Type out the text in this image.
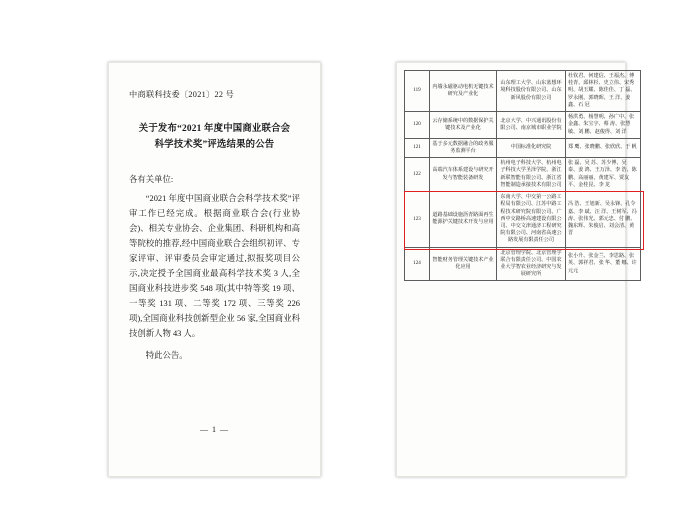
中商联科技委〔2021〕22 号
关于发布“2021 年度中国商业联合会
科学技术奖”评选结果的公告
各有关单位:
“2021 年度中国商业联合会科学技术奖”评审工作已经完成。根据商业联合会(行业协会)、相关专业协会、企业集团、科研机构和高等院校的推荐,经中国商业联合会组织初评、专家评审、评审委员会审定通过,拟报奖项目公示,决定授予全国商业最高科学技术奖 3 人,全国商业科技进步奖 548 项(其中特等奖 19 项、一等奖 131 项、二等奖 172 项、三等奖 226 项),全国商业科技创新型企业 56 家,全国商业科技创新人物 43 人。
特此公告。
— 1 —
119	内墙永磁驱动电机无键技术研究及产业化	山东理工大学、山东蓝想环境科技股份有限公司、山东新风股份有限公司	杜钦君、何建信、王福杰、傅桂青、邱林杉、史立伟、宋秀明、胡玉耀、陈佳佳、丁 磊、罗永刚、郭晓晖、王 洋、姜 鑫、石 冠
120	云存储系统中的数据保护关键技术及产业化	北京大学、中兴通讯股份有限公司、南京城市职业学院	杨洪勇、杨慧明、孙广中、张金鑫、朱宝宇、蔡 涛、张慧敏、刘 鹏、赵俊得、刘 洋
121	基于多元数据融合的政务服务监测平台	中国标准化研究院	郑 鹰、张晓鹏、张欣欣、于 帆
122	高端汽车体系建设与研究开发与智能装备研发	杭州电子科技大学、杭州电子科技大学圣泽学院、浙江新联智能有限公司、浙江省智能制造承接技术有限公司	张 磊、吴 苏、苏少博、吴 泰、姜 鸿、王万泽、李 浩、陈 鹏、高丽丽、黄建军、贾友平、金桂昆、李 龙
123	道路基础设施沥青路面再生能源护关键技术开发与应用	东南大学、中交第一公路工程局有限公司、江苏中路工程技术研究院有限公司、广西中交路桥高速建设有限公司、中交文津通济工程研究院有限公司、河南省高速公路发展有限责任公司	冯 浩、王旭新、吴永锋、孔令嘉、李 斌、汪 洋、王树军、冯 涛、张伟光、郭元忠、付 鹏、魏东辉、朱俊启、刘会清、黄 晋
124	智能财务管理关键技术产业化应用	北京管理学院、北京管理学联合有限责任公司、中国农业大学智农业经济研究与发展研究所	张小升、张金兰、李思路、张 英、郭祥君、张 华、董 娜、许元元
